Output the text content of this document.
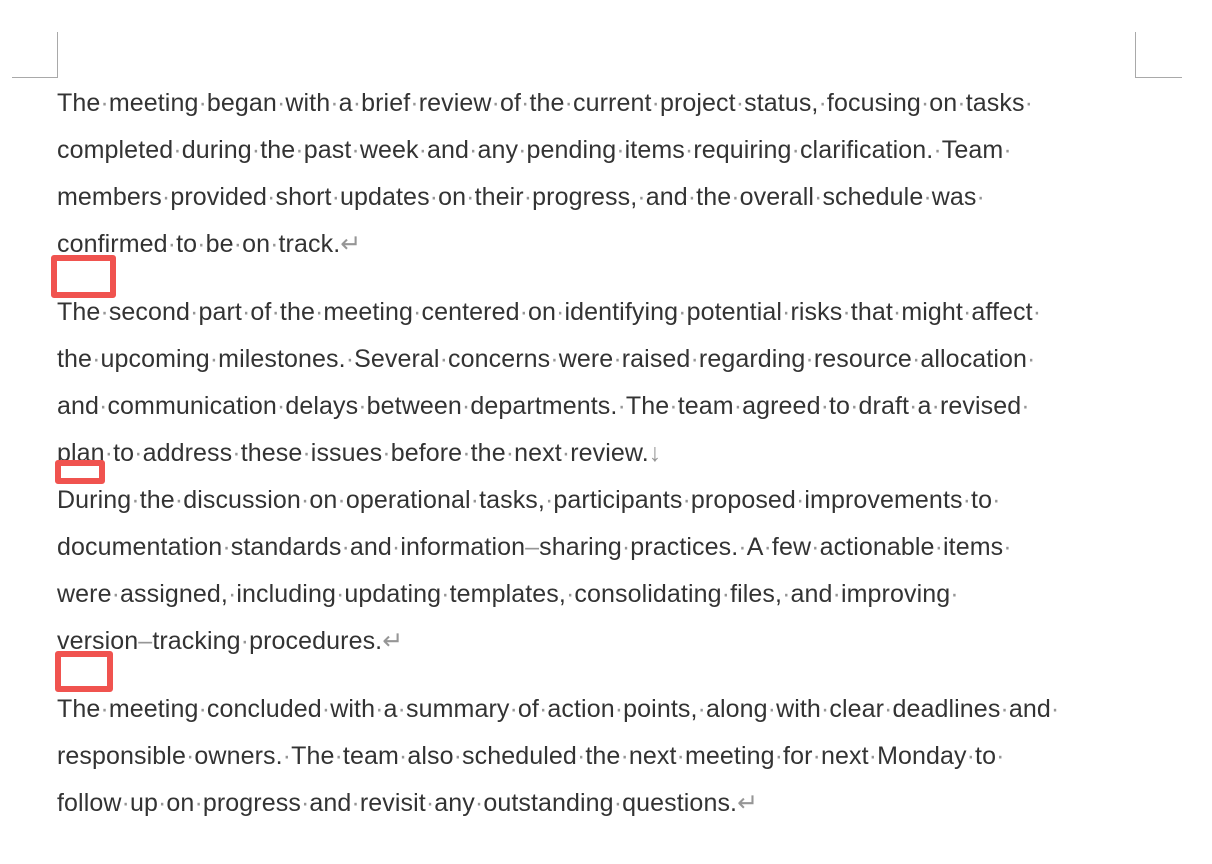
The·meeting·began·with·a·brief·review·of·the·current·project·status,·focusing·on·tasks·
completed·during·the·past·week·and·any·pending·items·requiring·clarification.·Team·
members·provided·short·updates·on·their·progress,·and·the·overall·schedule·was·
confirmed·to·be·on·track.↵
The·second·part·of·the·meeting·centered·on·identifying·potential·risks·that·might·affect·
the·upcoming·milestones.·Several·concerns·were·raised·regarding·resource·allocation·
and·communication·delays·between·departments.·The·team·agreed·to·draft·a·revised·
plan·to·address·these·issues·before·the·next·review.↓
During·the·discussion·on·operational·tasks,·participants·proposed·improvements·to·
documentation·standards·and·information–sharing·practices.·A·few·actionable·items·
were·assigned,·including·updating·templates,·consolidating·files,·and·improving·
version–tracking·procedures.↵
The·meeting·concluded·with·a·summary·of·action·points,·along·with·clear·deadlines·and·
responsible·owners.·The·team·also·scheduled·the·next·meeting·for·next·Monday·to·
follow·up·on·progress·and·revisit·any·outstanding·questions.↵
